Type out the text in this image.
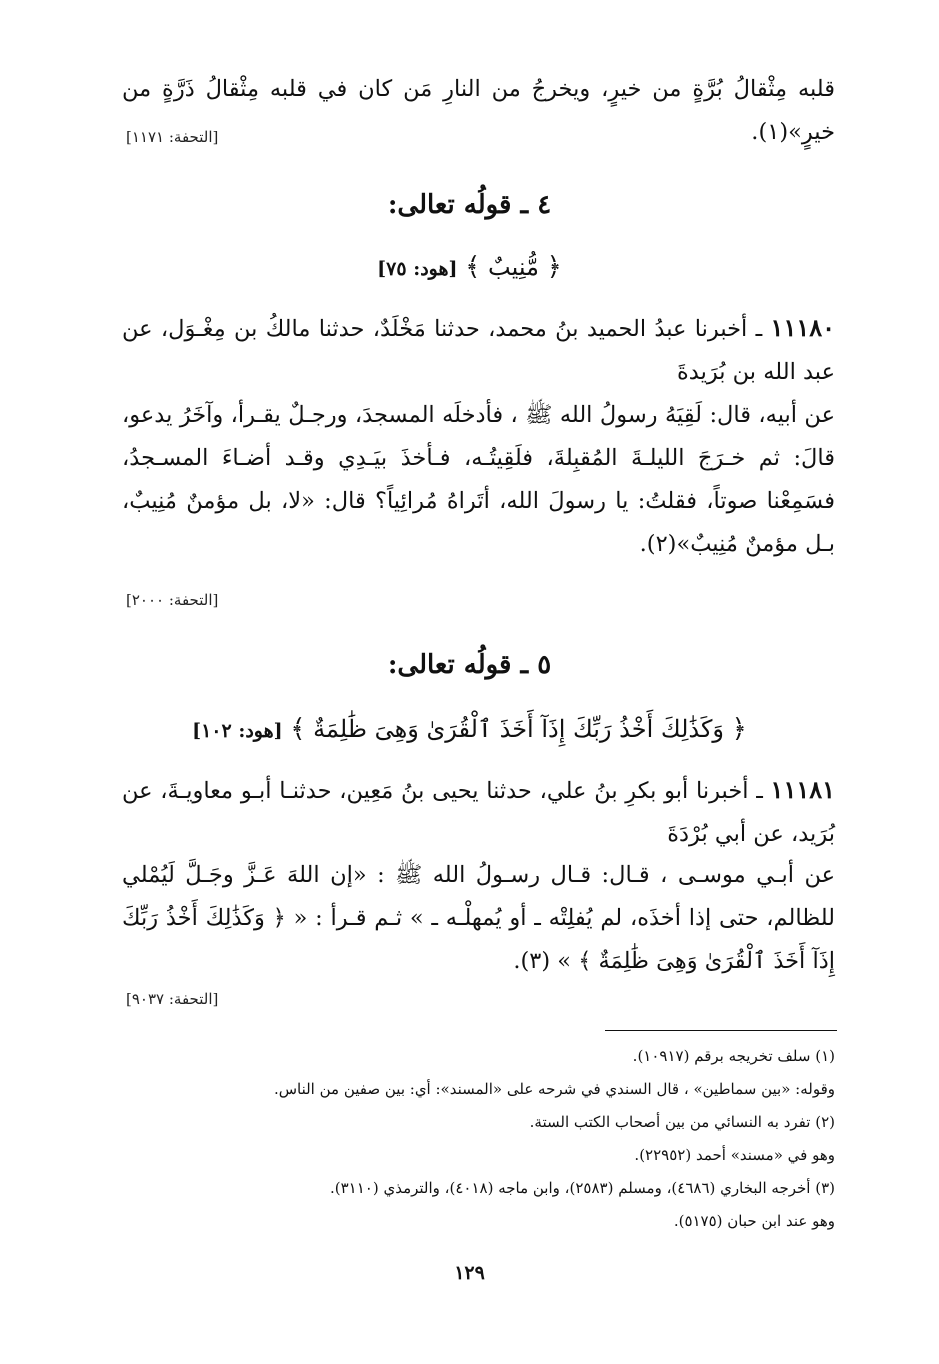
قلبه مِثْقالُ بُرَّةٍ من خيرٍ، ويخرجُ من النارِ مَن كان في قلبه مِثْقالُ ذَرَّةٍ من خيرٍ»(١).
[التحفة: ١١٧١]
٤ ـ قولُه تعالى:
﴿ مُّنِيبٌ ﴾ [هود: ٧٥]
١١١٨٠ ـ أخبرنا عبدُ الحميد بنُ محمد، حدثنا مَخْلَدٌ، حدثنا مالكُ بن مِغْـوَل، عن عبد الله بن بُرَيدةَ
عن أبيه، قال: لَقِيَهُ رسولُ الله ﷺ ، فأدخلَه المسجدَ، ورجـلٌ يقـرأ، وآخَرُ يدعو، قالَ: ثم خـرَجَ الليلـةَ المُقبِلةَ، فلَقِيتُـه، فـأخذَ بيَـدِي وقـد أضـاءَ المسـجدُ، فسَمِعْنا صوتاً، فقلتُ: يا رسولَ الله، أتَراهُ مُرائِياً؟ قال: «لا، بل مؤمنٌ مُنِيبٌ، بـل مؤمنٌ مُنِيبٌ»(٢).
[التحفة: ٢٠٠٠]
٥ ـ قولُه تعالى:
﴿ وَكَذَٰلِكَ أَخْذُ رَبِّكَ إِذَآ أَخَذَ ٱلْقُرَىٰ وَهِىَ ظَٰلِمَةٌ ﴾ [هود: ١٠٢]
١١١٨١ ـ أخبرنا أبو بكرِ بنُ علي، حدثنا يحيى بنُ مَعِين، حدثنـا أبـو معاويـةَ، عن بُرَيد، عن أبي بُرْدَةَ
عن أبـي موسـى ، قـال: قـال رسـولُ الله ﷺ : «إن اللهَ عَـزَّ وجَـلَّ لَيُمْلي للظالم، حتى إذا أخذَه، لم يُفلِتْه ـ أو يُمهلْـه ـ » ثـم قـرأ : « ﴿ وَكَذَٰلِكَ أَخْذُ رَبِّكَ إِذَآ أَخَذَ ٱلْقُرَىٰ وَهِىَ ظَٰلِمَةٌ ﴾ » (٣).
[التحفة: ٩٠٣٧]
(١) سلف تخريجه برقم (١٠٩١٧).
وقوله: «بين سماطين» ، قال السندي في شرحه على «المسند»: أي: بين صفين من الناس.
(٢) تفرد به النسائي من بين أصحاب الكتب الستة.
وهو في «مسند» أحمد (٢٢٩٥٢).
(٣) أخرجه البخاري (٤٦٨٦)، ومسلم (٢٥٨٣)، وابن ماجه (٤٠١٨)، والترمذي (٣١١٠).
وهو عند ابن حبان (٥١٧٥).
١٢٩
